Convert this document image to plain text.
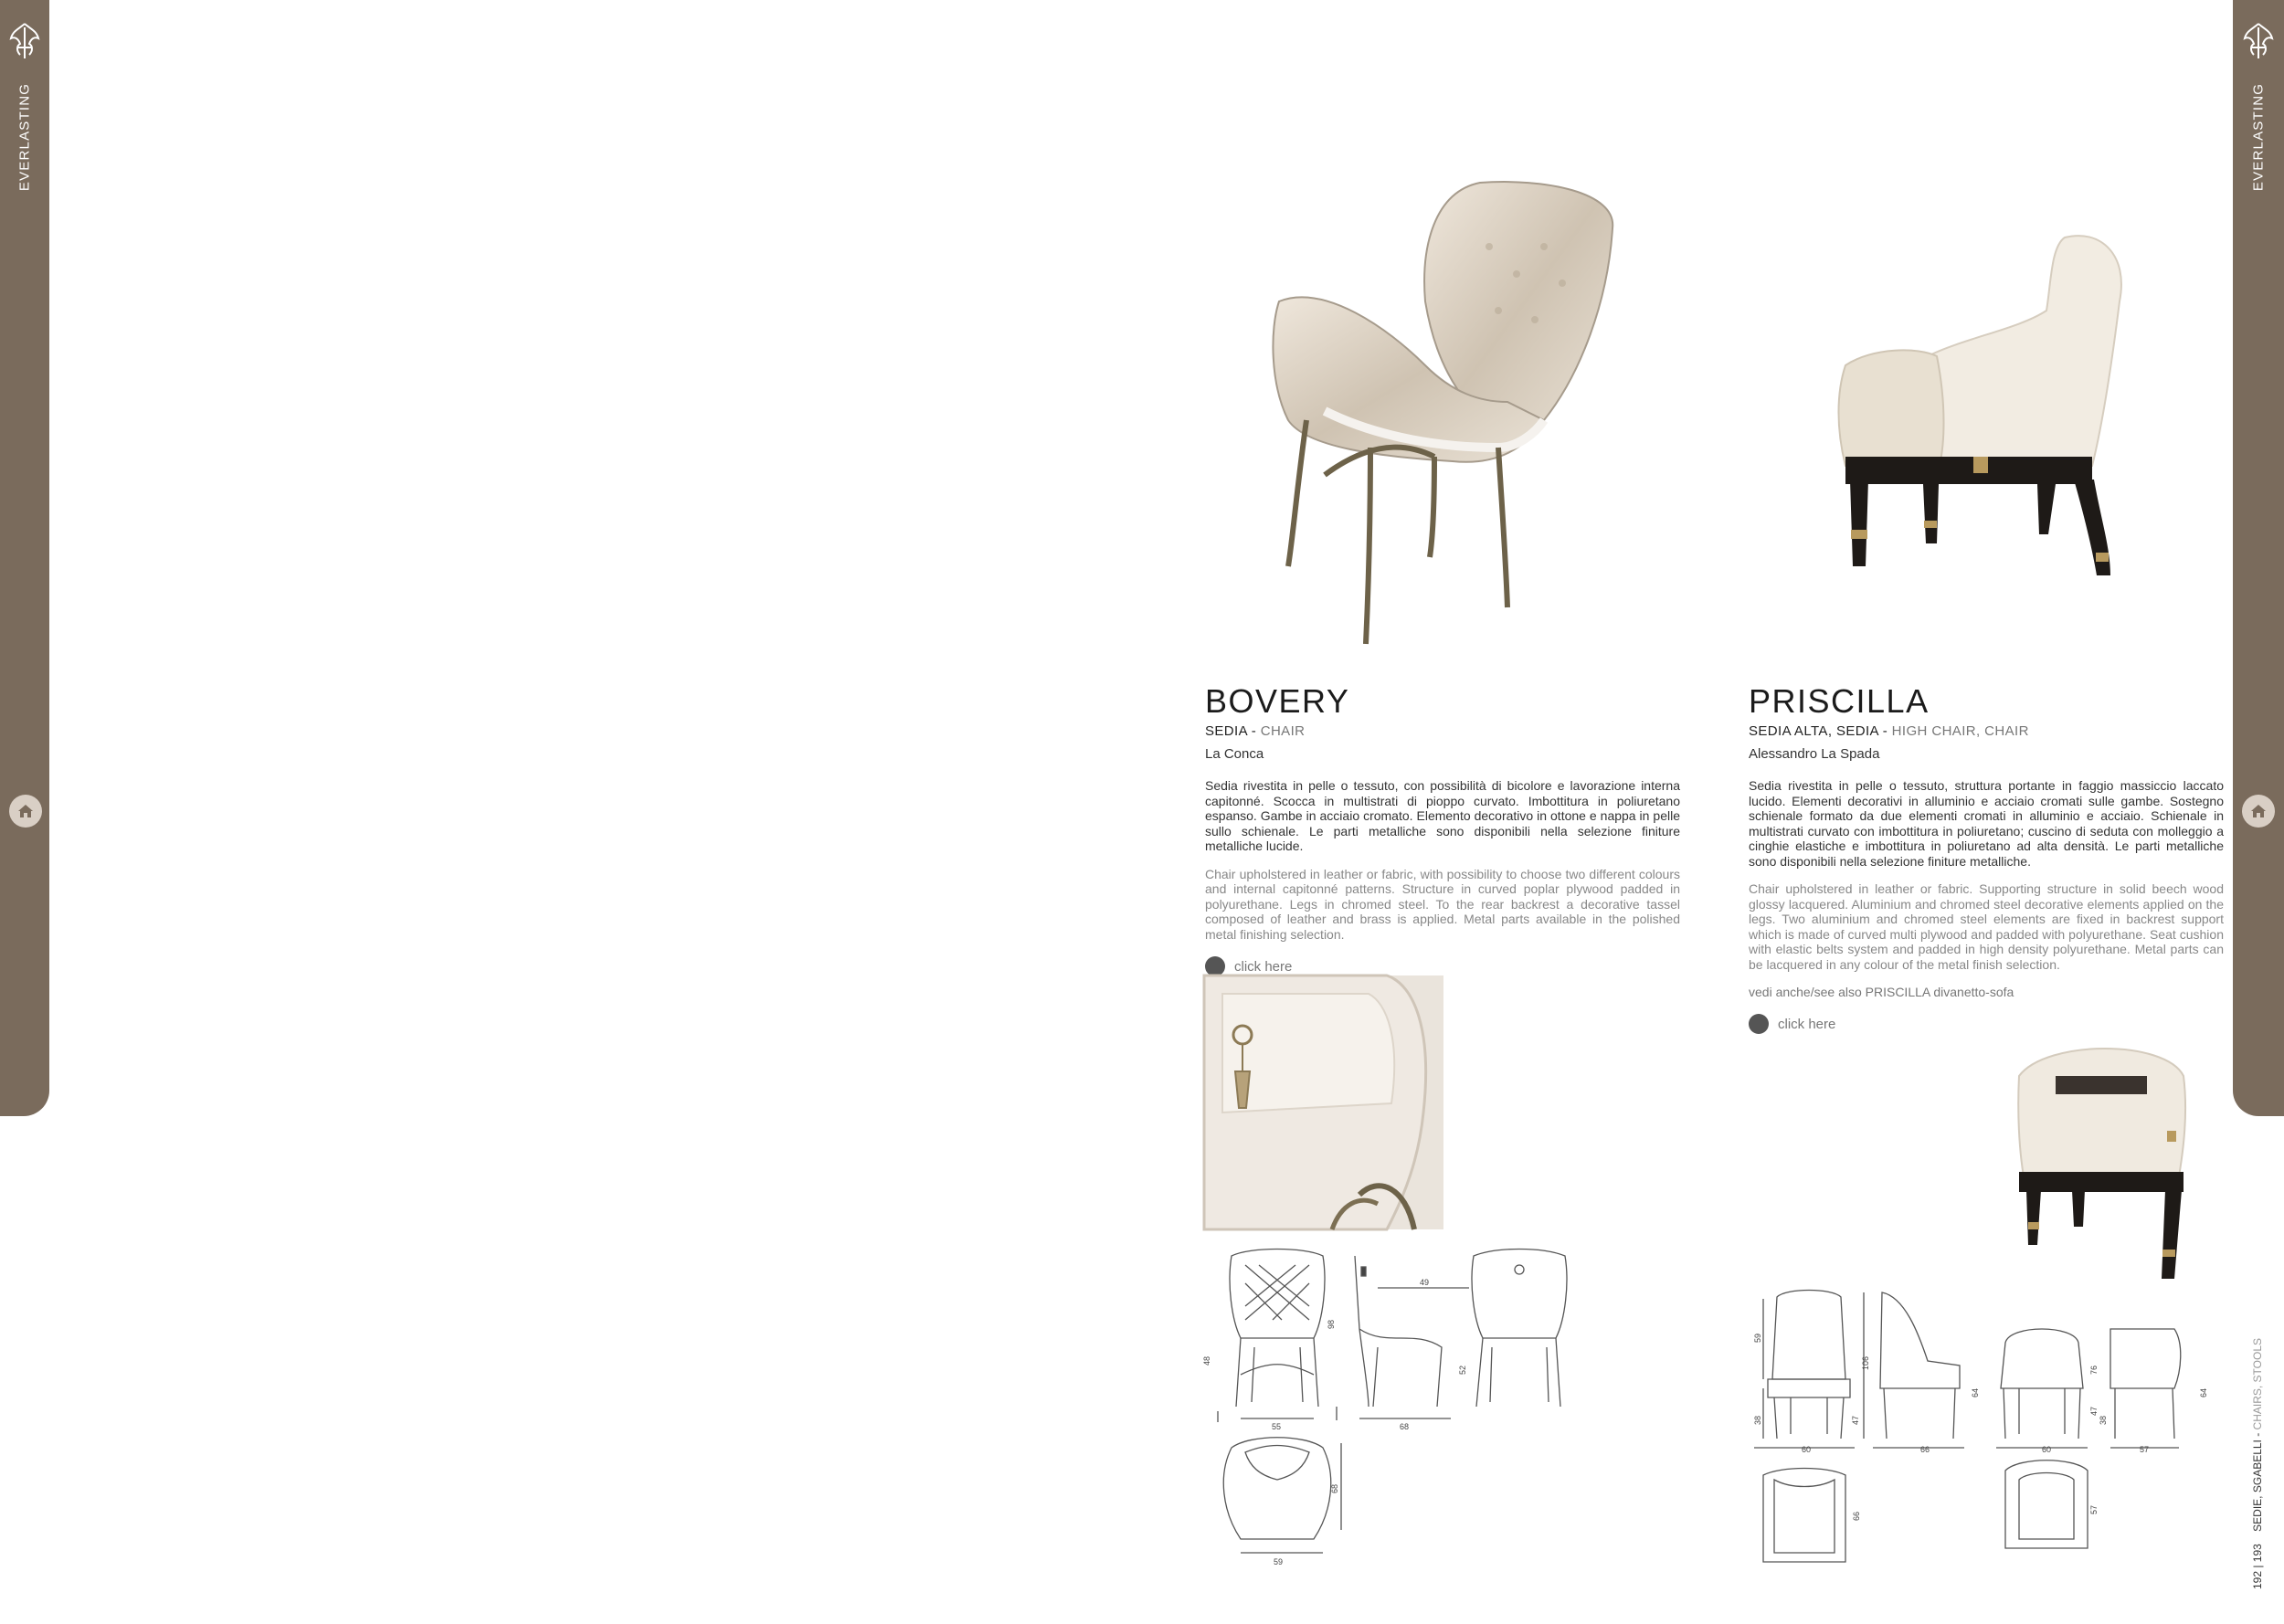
EVERLASTING	EVERLASTING
BOVERY
SEDIA - CHAIR
La Conca
Sedia rivestita in pelle o tessuto, con possibilità di bicolore e lavorazione interna capitonné. Scocca in multistrati di pioppo curvato. Imbottitura in poliuretano espanso. Gambe in acciaio cromato. Elemento decorativo in ottone e nappa in pelle sullo schienale. Le parti metalliche sono disponibili nella selezione finiture metalliche lucide.
Chair upholstered in leather or fabric, with possibility to choose two different colours and internal capitonné patterns. Structure in curved poplar plywood padded in polyurethane. Legs in chromed steel. To the rear backrest a decorative tassel composed of leather and brass is applied. Metal parts available in the polished metal finishing selection.
click here
PRISCILLA
SEDIA ALTA, SEDIA - HIGH CHAIR, CHAIR
Alessandro La Spada
Sedia rivestita in pelle o tessuto, struttura portante in faggio massiccio laccato lucido. Elementi decorativi in alluminio e acciaio cromati sulle gambe. Sostegno schienale formato da due elementi cromati in alluminio e acciaio. Schienale in multistrati curvato con imbottitura in poliuretano; cuscino di seduta con molleggio a cinghie elastiche e imbottitura in poliuretano ad alta densità. Le parti metalliche sono disponibili nella selezione finiture metalliche.
Chair upholstered in leather or fabric. Supporting structure in solid beech wood glossy lacquered. Aluminium and chromed steel decorative elements applied on the legs. Two aluminium and chromed steel elements are fixed in backrest support which is made of curved multi plywood and padded with polyurethane. Seat cushion with elastic belts system and padded in high density polyurethane. Metal parts can be lacquered in any colour of the metal finish selection.
vedi anche/see also PRISCILLA divanetto-sofa
click here
48
98
55
49
52
68
68
59
59
38	47
106
64
60	66
47
60
76
38
64
57
66
57
192 | 193    SEDIE, SGABELLI - CHAIRS, STOOLS
